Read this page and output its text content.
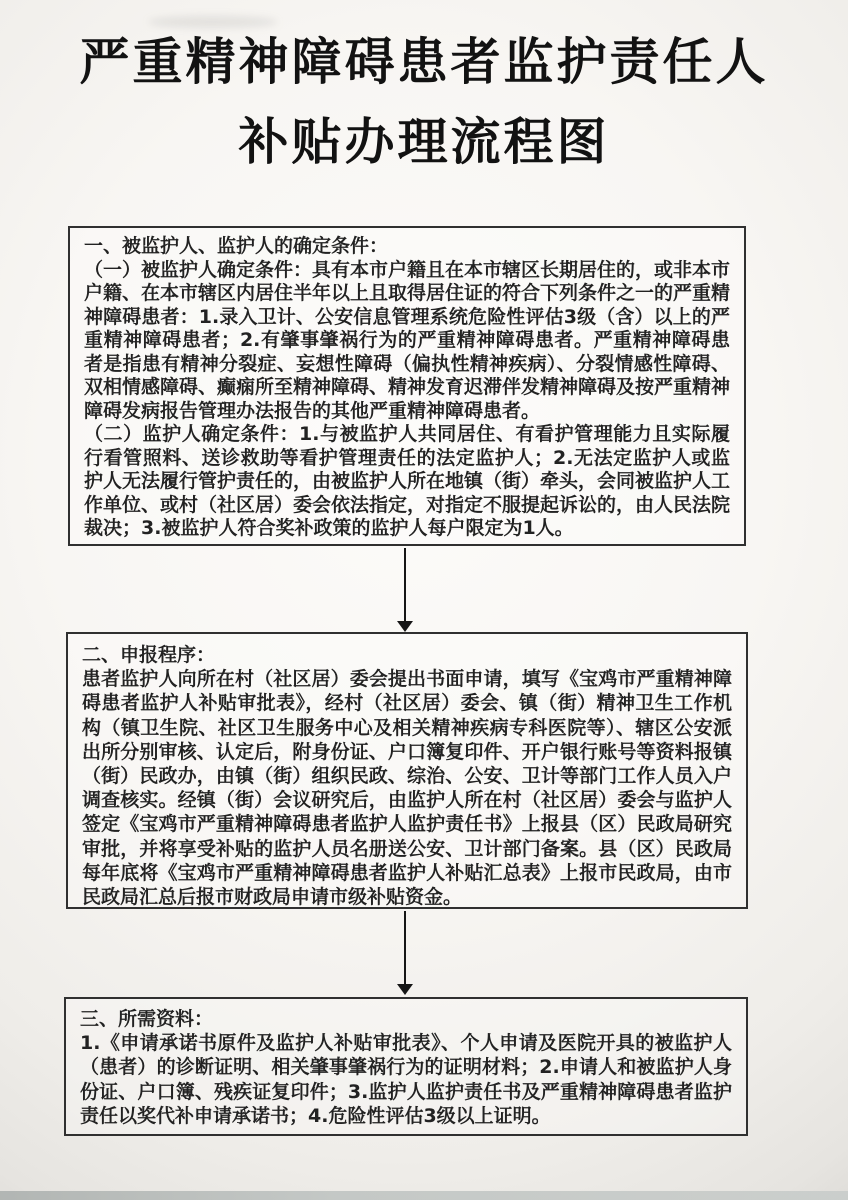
严重精神障碍患者监护责任人
补贴办理流程图
一、被监护人、监护人的确定条件：

（一）被监护人确定条件：具有本市户籍且在本市辖区长期居住的，或非本市户籍、在本市辖区内居住半年以上且取得居住证的符合下列条件之一的严重精神障碍患者：1.录入卫计、公安信息管理系统危险性评估3级（含）以上的严重精神障碍患者；2.有肇事肇祸行为的严重精神障碍患者。严重精神障碍患者是指患有精神分裂症、妄想性障碍（偏执性精神疾病）、分裂情感性障碍、双相情感障碍、癫痫所至精神障碍、精神发育迟滞伴发精神障碍及按严重精神障碍发病报告管理办法报告的其他严重精神障碍患者。

（二）监护人确定条件：1.与被监护人共同居住、有看护管理能力且实际履行看管照料、送诊救助等看护管理责任的法定监护人；2.无法定监护人或监护人无法履行管护责任的，由被监护人所在地镇（街）牵头，会同被监护人工作单位、或村（社区居）委会依法指定，对指定不服提起诉讼的，由人民法院裁决；3.被监护人符合奖补政策的监护人每户限定为1人。

二、申报程序：

患者监护人向所在村（社区居）委会提出书面申请，填写《宝鸡市严重精神障碍患者监护人补贴审批表》，经村（社区居）委会、镇（街）精神卫生工作机构（镇卫生院、社区卫生服务中心及相关精神疾病专科医院等）、辖区公安派出所分别审核、认定后，附身份证、户口簿复印件、开户银行账号等资料报镇（街）民政办，由镇（街）组织民政、综治、公安、卫计等部门工作人员入户调查核实。经镇（街）会议研究后，由监护人所在村（社区居）委会与监护人签定《宝鸡市严重精神障碍患者监护人监护责任书》上报县（区）民政局研究审批，并将享受补贴的监护人员名册送公安、卫计部门备案。县（区）民政局每年底将《宝鸡市严重精神障碍患者监护人补贴汇总表》上报市民政局，由市民政局汇总后报市财政局申请市级补贴资金。

三、所需资料：

1.《申请承诺书原件及监护人补贴审批表》、个人申请及医院开具的被监护人（患者）的诊断证明、相关肇事肇祸行为的证明材料；2.申请人和被监护人身份证、户口簿、残疾证复印件；3.监护人监护责任书及严重精神障碍患者监护责任以奖代补申请承诺书；4.危险性评估3级以上证明。
